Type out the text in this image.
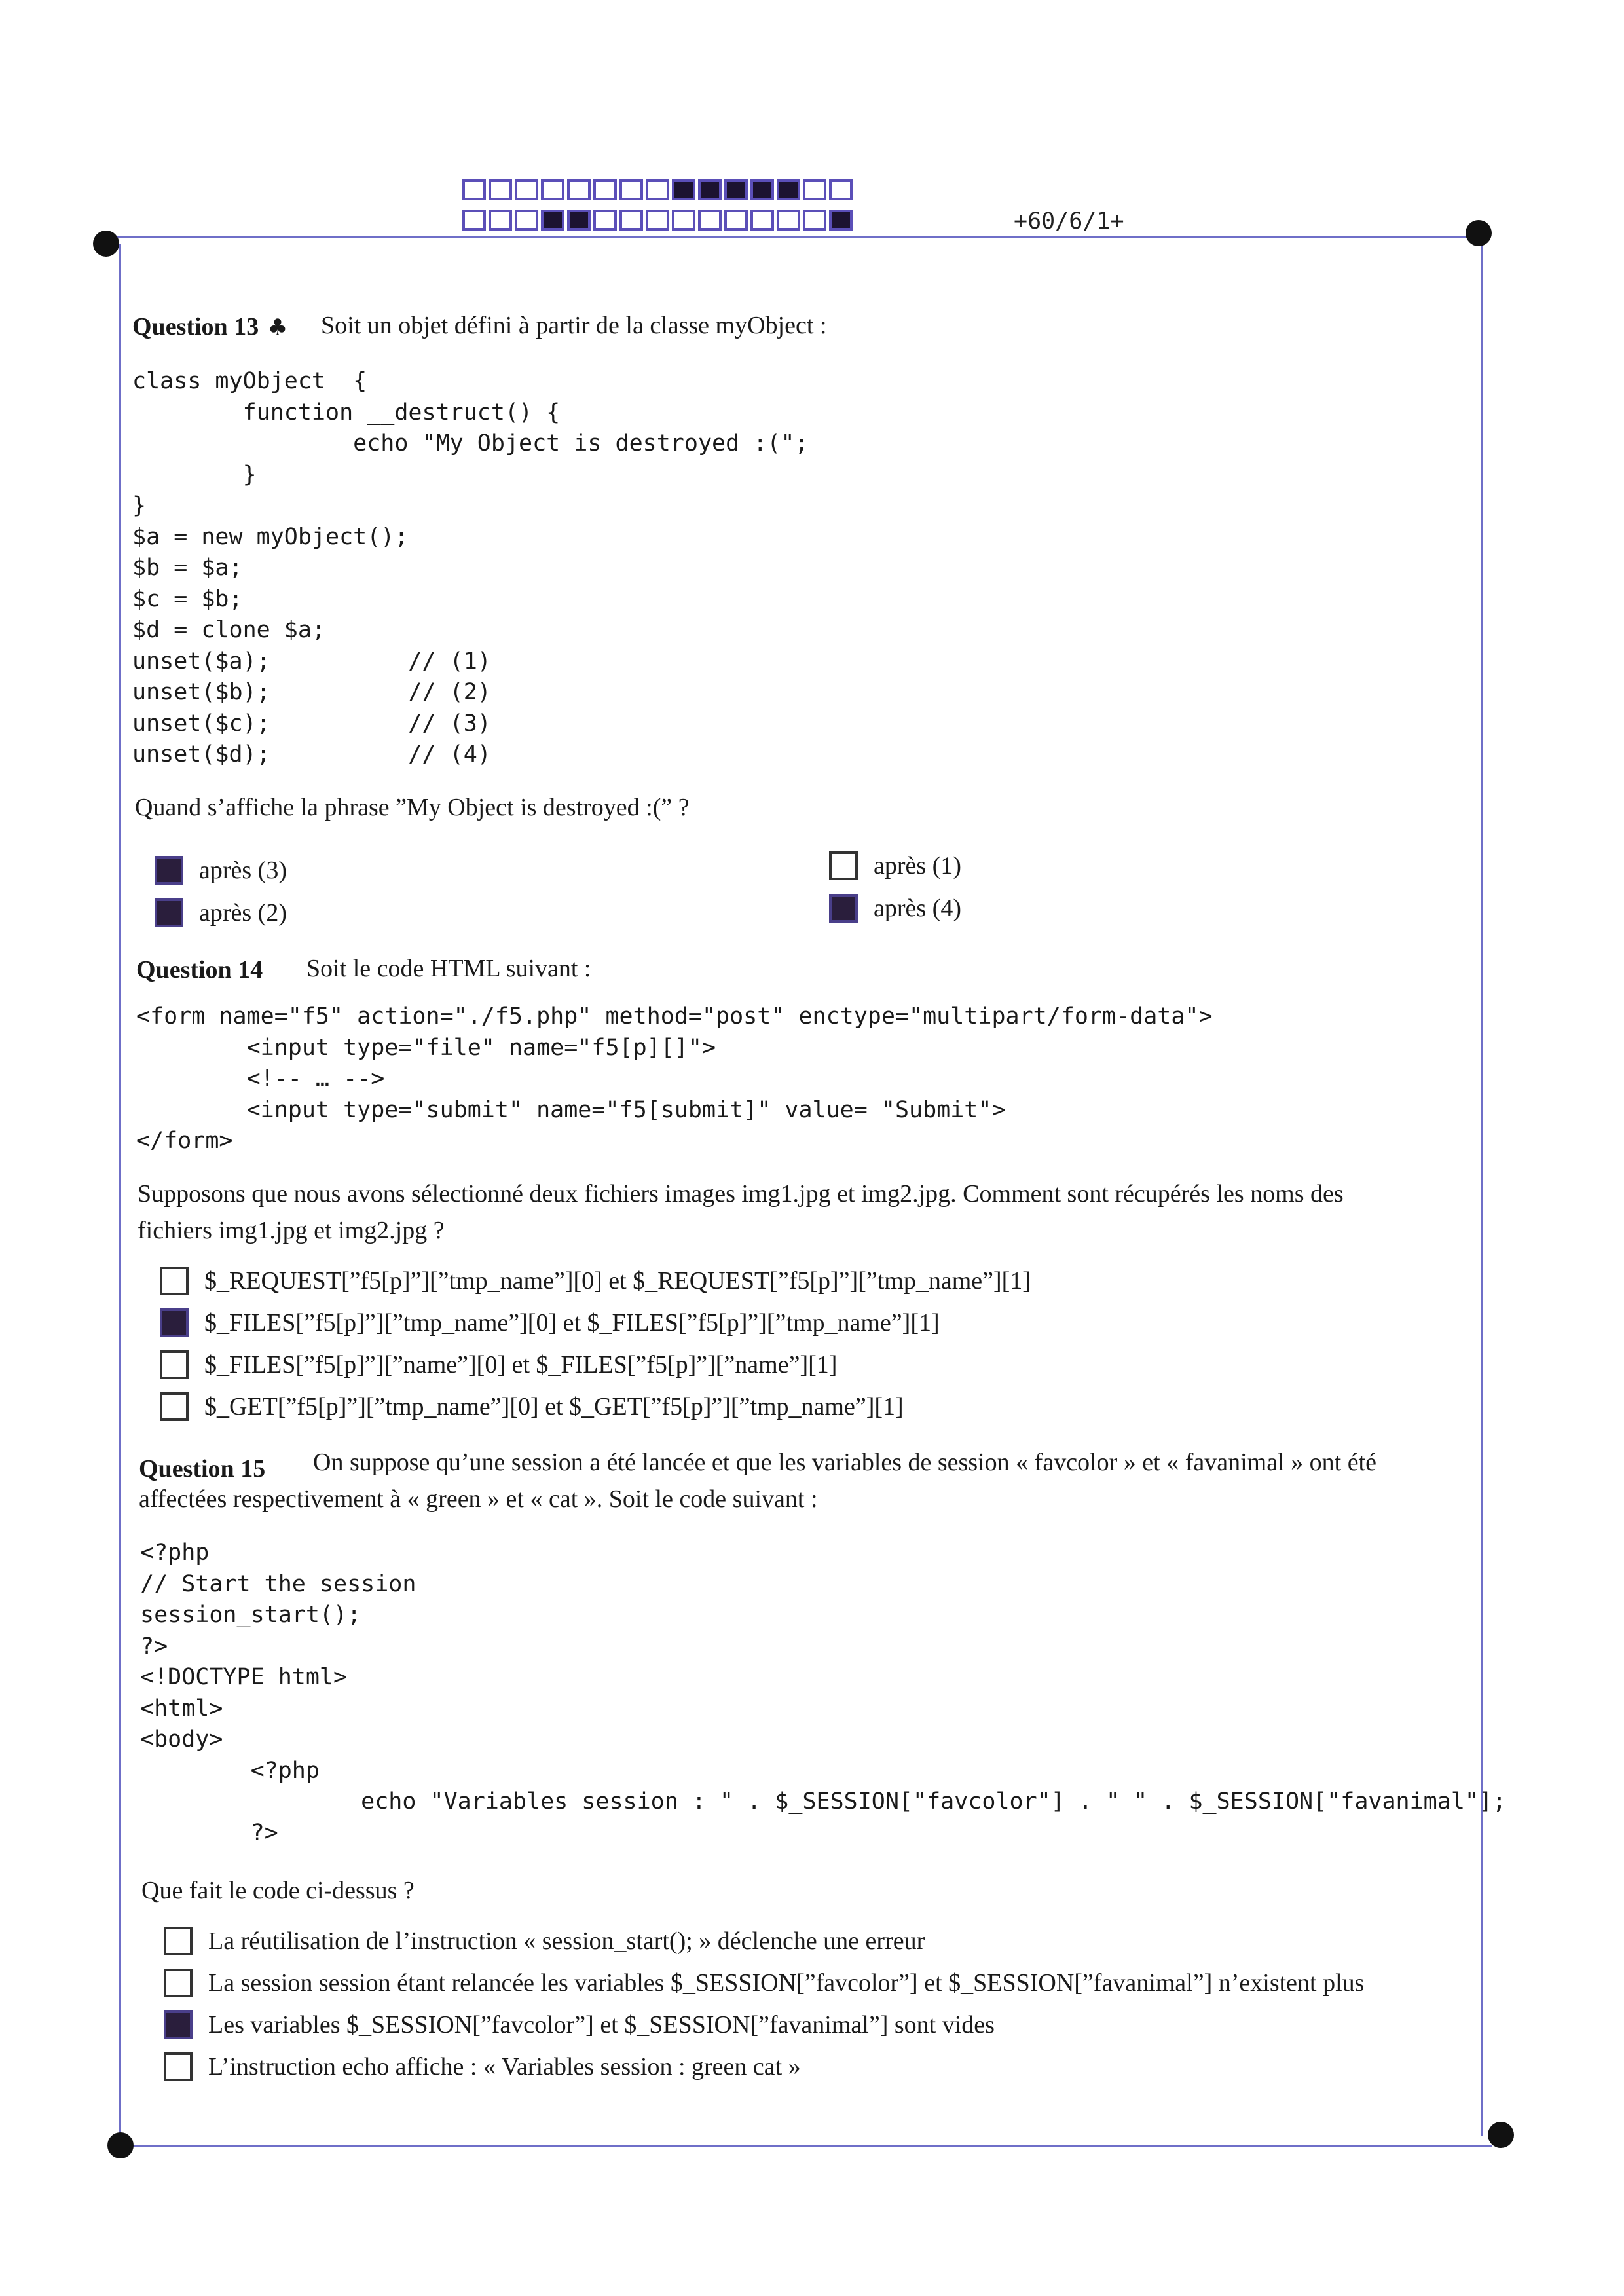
+60/6/1+
Question 13 ♣ Soit un objet défini à partir de la classe myObject :
class myObject  {
function __destruct() {
echo "My Object is destroyed :(";
}
}
$a = new myObject();
$b = $a;
$c = $b;
$d = clone $a;
unset($a);          // (1)
unset($b);          // (2)
unset($c);          // (3)
unset($d);          // (4)
Quand s’affiche la phrase ”My Object is destroyed :(” ?
après (3)
après (2)
après (1)
après (4)
Question 14 Soit le code HTML suivant :
<form name="f5" action="./f5.php" method="post" enctype="multipart/form-data">
<input type="file" name="f5[p][]">
<!-- … -->
<input type="submit" name="f5[submit]" value= "Submit">
</form>
Supposons que nous avons sélectionné deux fichiers images img1.jpg et img2.jpg. Comment sont récupérés les noms des
fichiers img1.jpg et img2.jpg ?
$_REQUEST[”f5[p]”][”tmp_name”][0] et $_REQUEST[”f5[p]”][”tmp_name”][1]
$_FILES[”f5[p]”][”tmp_name”][0] et $_FILES[”f5[p]”][”tmp_name”][1]
$_FILES[”f5[p]”][”name”][0] et $_FILES[”f5[p]”][”name”][1]
$_GET[”f5[p]”][”tmp_name”][0] et $_GET[”f5[p]”][”tmp_name”][1]
Question 15 On suppose qu’une session a été lancée et que les variables de session « favcolor » et « favanimal » ont été
affectées respectivement à « green » et « cat ». Soit le code suivant :
<?php
// Start the session
session_start();
?>
<!DOCTYPE html>
<html>
<body>
<?php
echo "Variables session : " . $_SESSION["favcolor"] . " " . $_SESSION["favanimal"];
?>
Que fait le code ci-dessus ?
La réutilisation de l’instruction « session_start(); » déclenche une erreur
La session session étant relancée les variables $_SESSION[”favcolor”] et $_SESSION[”favanimal”] n’existent plus
Les variables $_SESSION[”favcolor”] et $_SESSION[”favanimal”] sont vides
L’instruction echo affiche : « Variables session : green cat »
